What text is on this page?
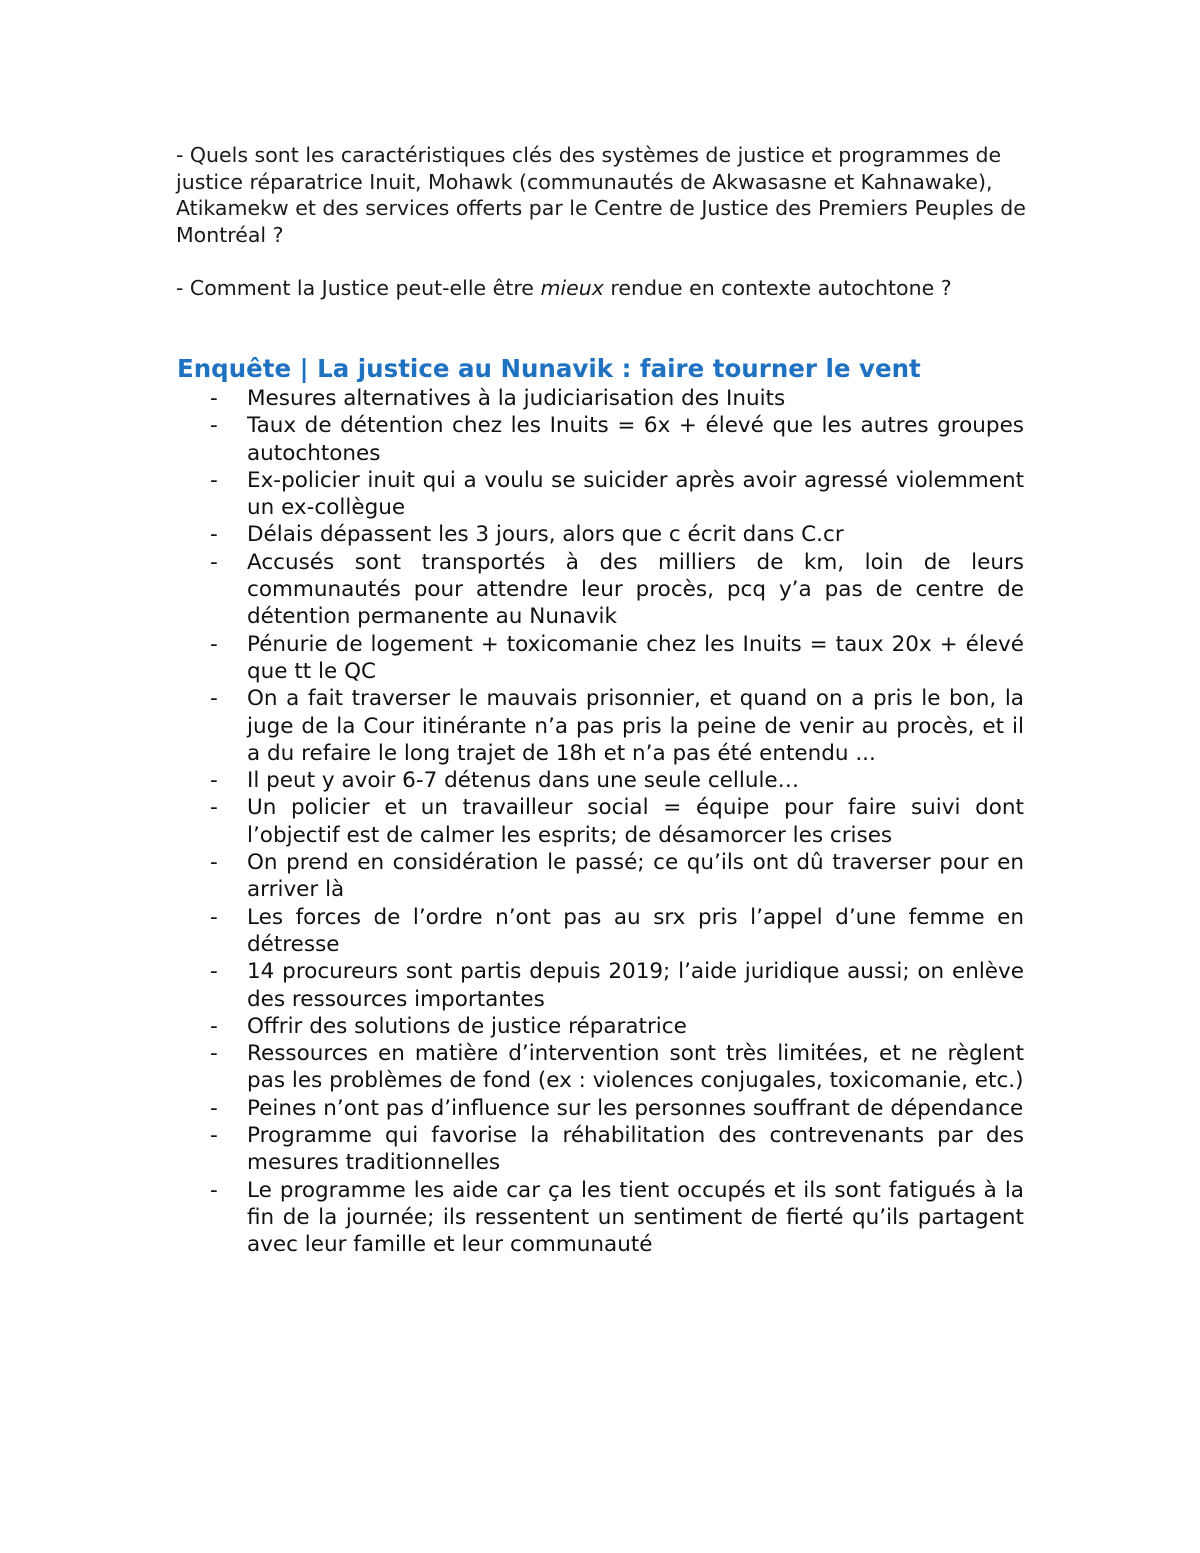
- Quels sont les caractéristiques clés des systèmes de justice et programmes de justice réparatrice Inuit, Mohawk (communautés de Akwasasne et Kahnawake), Atikamekw et des services offerts par le Centre de Justice des Premiers Peuples de Montréal ?
- Comment la Justice peut-elle être mieux rendue en contexte autochtone ?
Enquête | La justice au Nunavik : faire tourner le vent
-	Mesures alternatives à la judiciarisation des Inuits
-	Taux de détention chez les Inuits = 6x + élevé que les autres groupes autochtones
-	Ex-policier inuit qui a voulu se suicider après avoir agressé violemment un ex-collègue
-	Délais dépassent les 3 jours, alors que c écrit dans C.cr
-	Accusés sont transportés à des milliers de km, loin de leurs communautés pour attendre leur procès, pcq y’a pas de centre de détention permanente au Nunavik
-	Pénurie de logement + toxicomanie chez les Inuits = taux 20x + élevé que tt le QC
-	On a fait traverser le mauvais prisonnier, et quand on a pris le bon, la juge de la Cour itinérante n’a pas pris la peine de venir au procès, et il a du refaire le long trajet de 18h et n’a pas été entendu ...
-	Il peut y avoir 6-7 détenus dans une seule cellule…
-	Un policier et un travailleur social = équipe pour faire suivi dont l’objectif est de calmer les esprits; de désamorcer les crises
-	On prend en considération le passé; ce qu’ils ont dû traverser pour en arriver là
-	Les forces de l’ordre n’ont pas au srx pris l’appel d’une femme en détresse
-	14 procureurs sont partis depuis 2019; l’aide juridique aussi; on enlève des ressources importantes
-	Offrir des solutions de justice réparatrice
-	Ressources en matière d’intervention sont très limitées, et ne règlent pas les problèmes de fond (ex : violences conjugales, toxicomanie, etc.)
-	Peines n’ont pas d’influence sur les personnes souffrant de dépendance
-	Programme qui favorise la réhabilitation des contrevenants par des mesures traditionnelles
-	Le programme les aide car ça les tient occupés et ils sont fatigués à la fin de la journée; ils ressentent un sentiment de fierté qu’ils partagent avec leur famille et leur communauté
